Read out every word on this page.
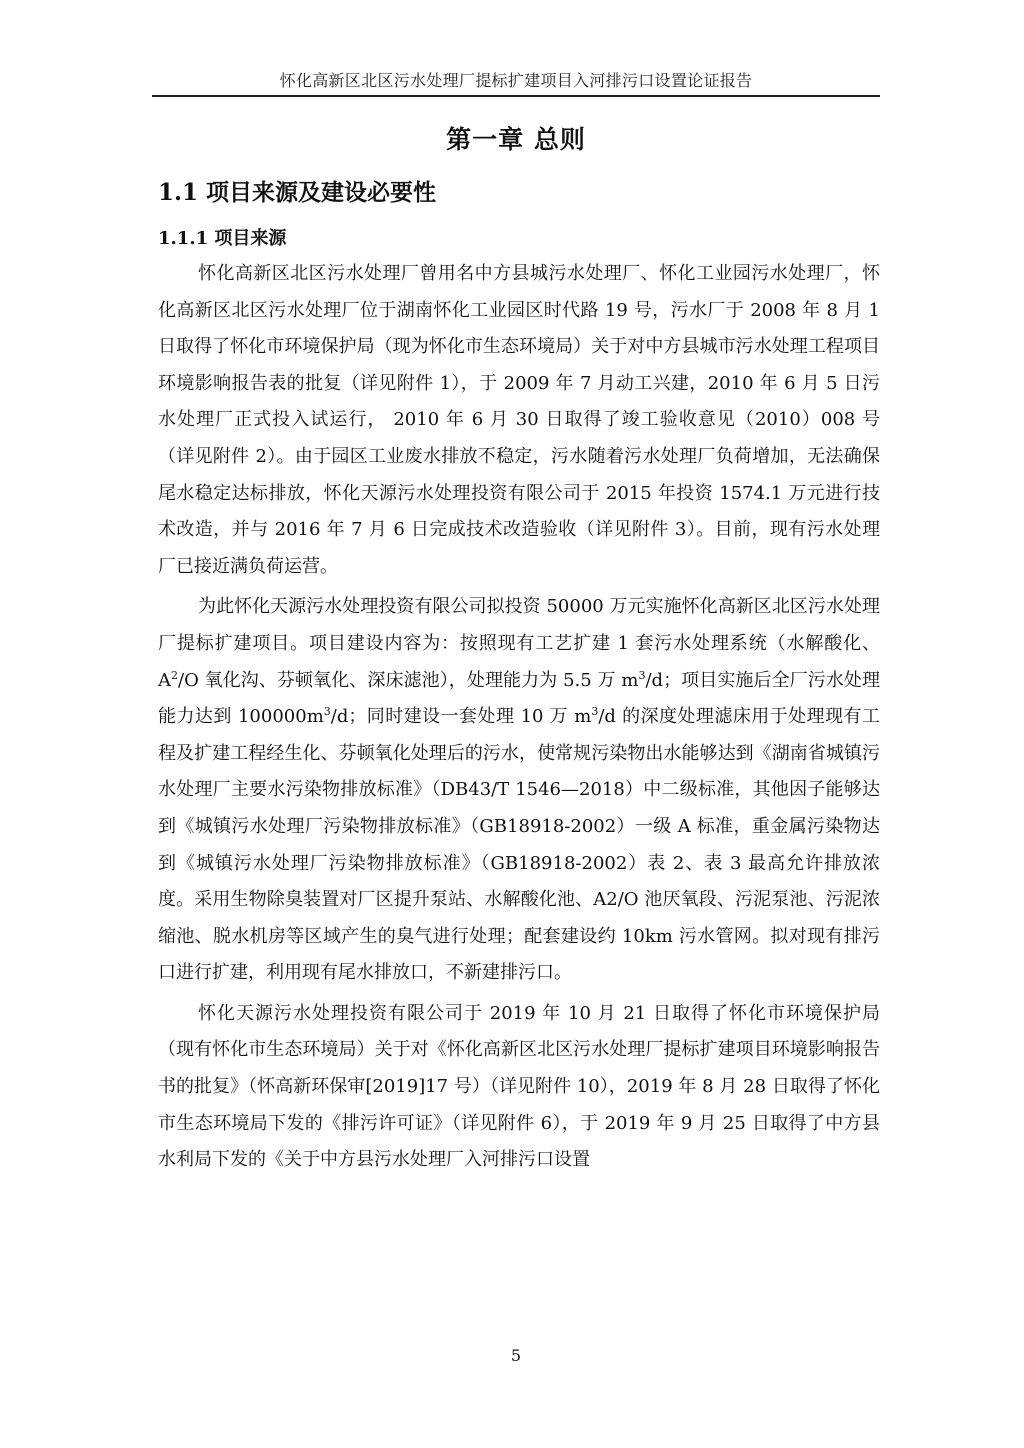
怀化高新区北区污水处理厂提标扩建项目入河排污口设置论证报告
第一章 总则
1.1 项目来源及建设必要性
1.1.1 项目来源

怀化高新区北区污水处理厂曾用名中方县城污水处理厂、怀化工业园污水处理厂，怀化高新区北区污水处理厂位于湖南怀化工业园区时代路 19 号，污水厂于 2008 年 8 月 1 日取得了怀化市环境保护局（现为怀化市生态环境局）关于对中方县城市污水处理工程项目环境影响报告表的批复（详见附件 1），于 2009 年 7 月动工兴建，2010 年 6 月 5 日污水处理厂正式投入试运行， 2010 年 6 月 30 日取得了竣工验收意见（2010）008 号（详见附件 2）。由于园区工业废水排放不稳定，污水随着污水处理厂负荷增加，无法确保尾水稳定达标排放，怀化天源污水处理投资有限公司于 2015 年投资 1574.1 万元进行技术改造，并与 2016 年 7 月 6 日完成技术改造验收（详见附件 3）。目前，现有污水处理厂已接近满负荷运营。

为此怀化天源污水处理投资有限公司拟投资 50000 万元实施怀化高新区北区污水处理厂提标扩建项目。项目建设内容为：按照现有工艺扩建 1 套污水处理系统（水解酸化、$A^2/O$ 氧化沟、芬顿氧化、深床滤池），处理能力为 5.5 万 $m^3/d$；项目实施后全厂污水处理能力达到 $100000m^3/d$；同时建设一套处理 10 万 $m^3/d$ 的深度处理滤床用于处理现有工程及扩建工程经生化、芬顿氧化处理后的污水，使常规污染物出水能够达到《湖南省城镇污水处理厂主要水污染物排放标准》（DB43/T 1546—2018）中二级标准，其他因子能够达到《城镇污水处理厂污染物排放标准》（GB18918-2002）一级 A 标准，重金属污染物达到《城镇污水处理厂污染物排放标准》（GB18918-2002）表 2、表 3 最高允许排放浓度。采用生物除臭装置对厂区提升泵站、水解酸化池、A2/O 池厌氧段、污泥泵池、污泥浓缩池、脱水机房等区域产生的臭气进行处理；配套建设约 10km 污水管网。拟对现有排污口进行扩建，利用现有尾水排放口，不新建排污口。

怀化天源污水处理投资有限公司于 2019 年 10 月 21 日取得了怀化市环境保护局（现有怀化市生态环境局）关于对《怀化高新区北区污水处理厂提标扩建项目环境影响报告书的批复》（怀高新环保审[2019]17 号）（详见附件 10），2019 年 8 月 28 日取得了怀化市生态环境局下发的《排污许可证》（详见附件 6），于 2019 年 9 月 25 日取得了中方县水利局下发的《关于中方县污水处理厂入河排污口设置

5
